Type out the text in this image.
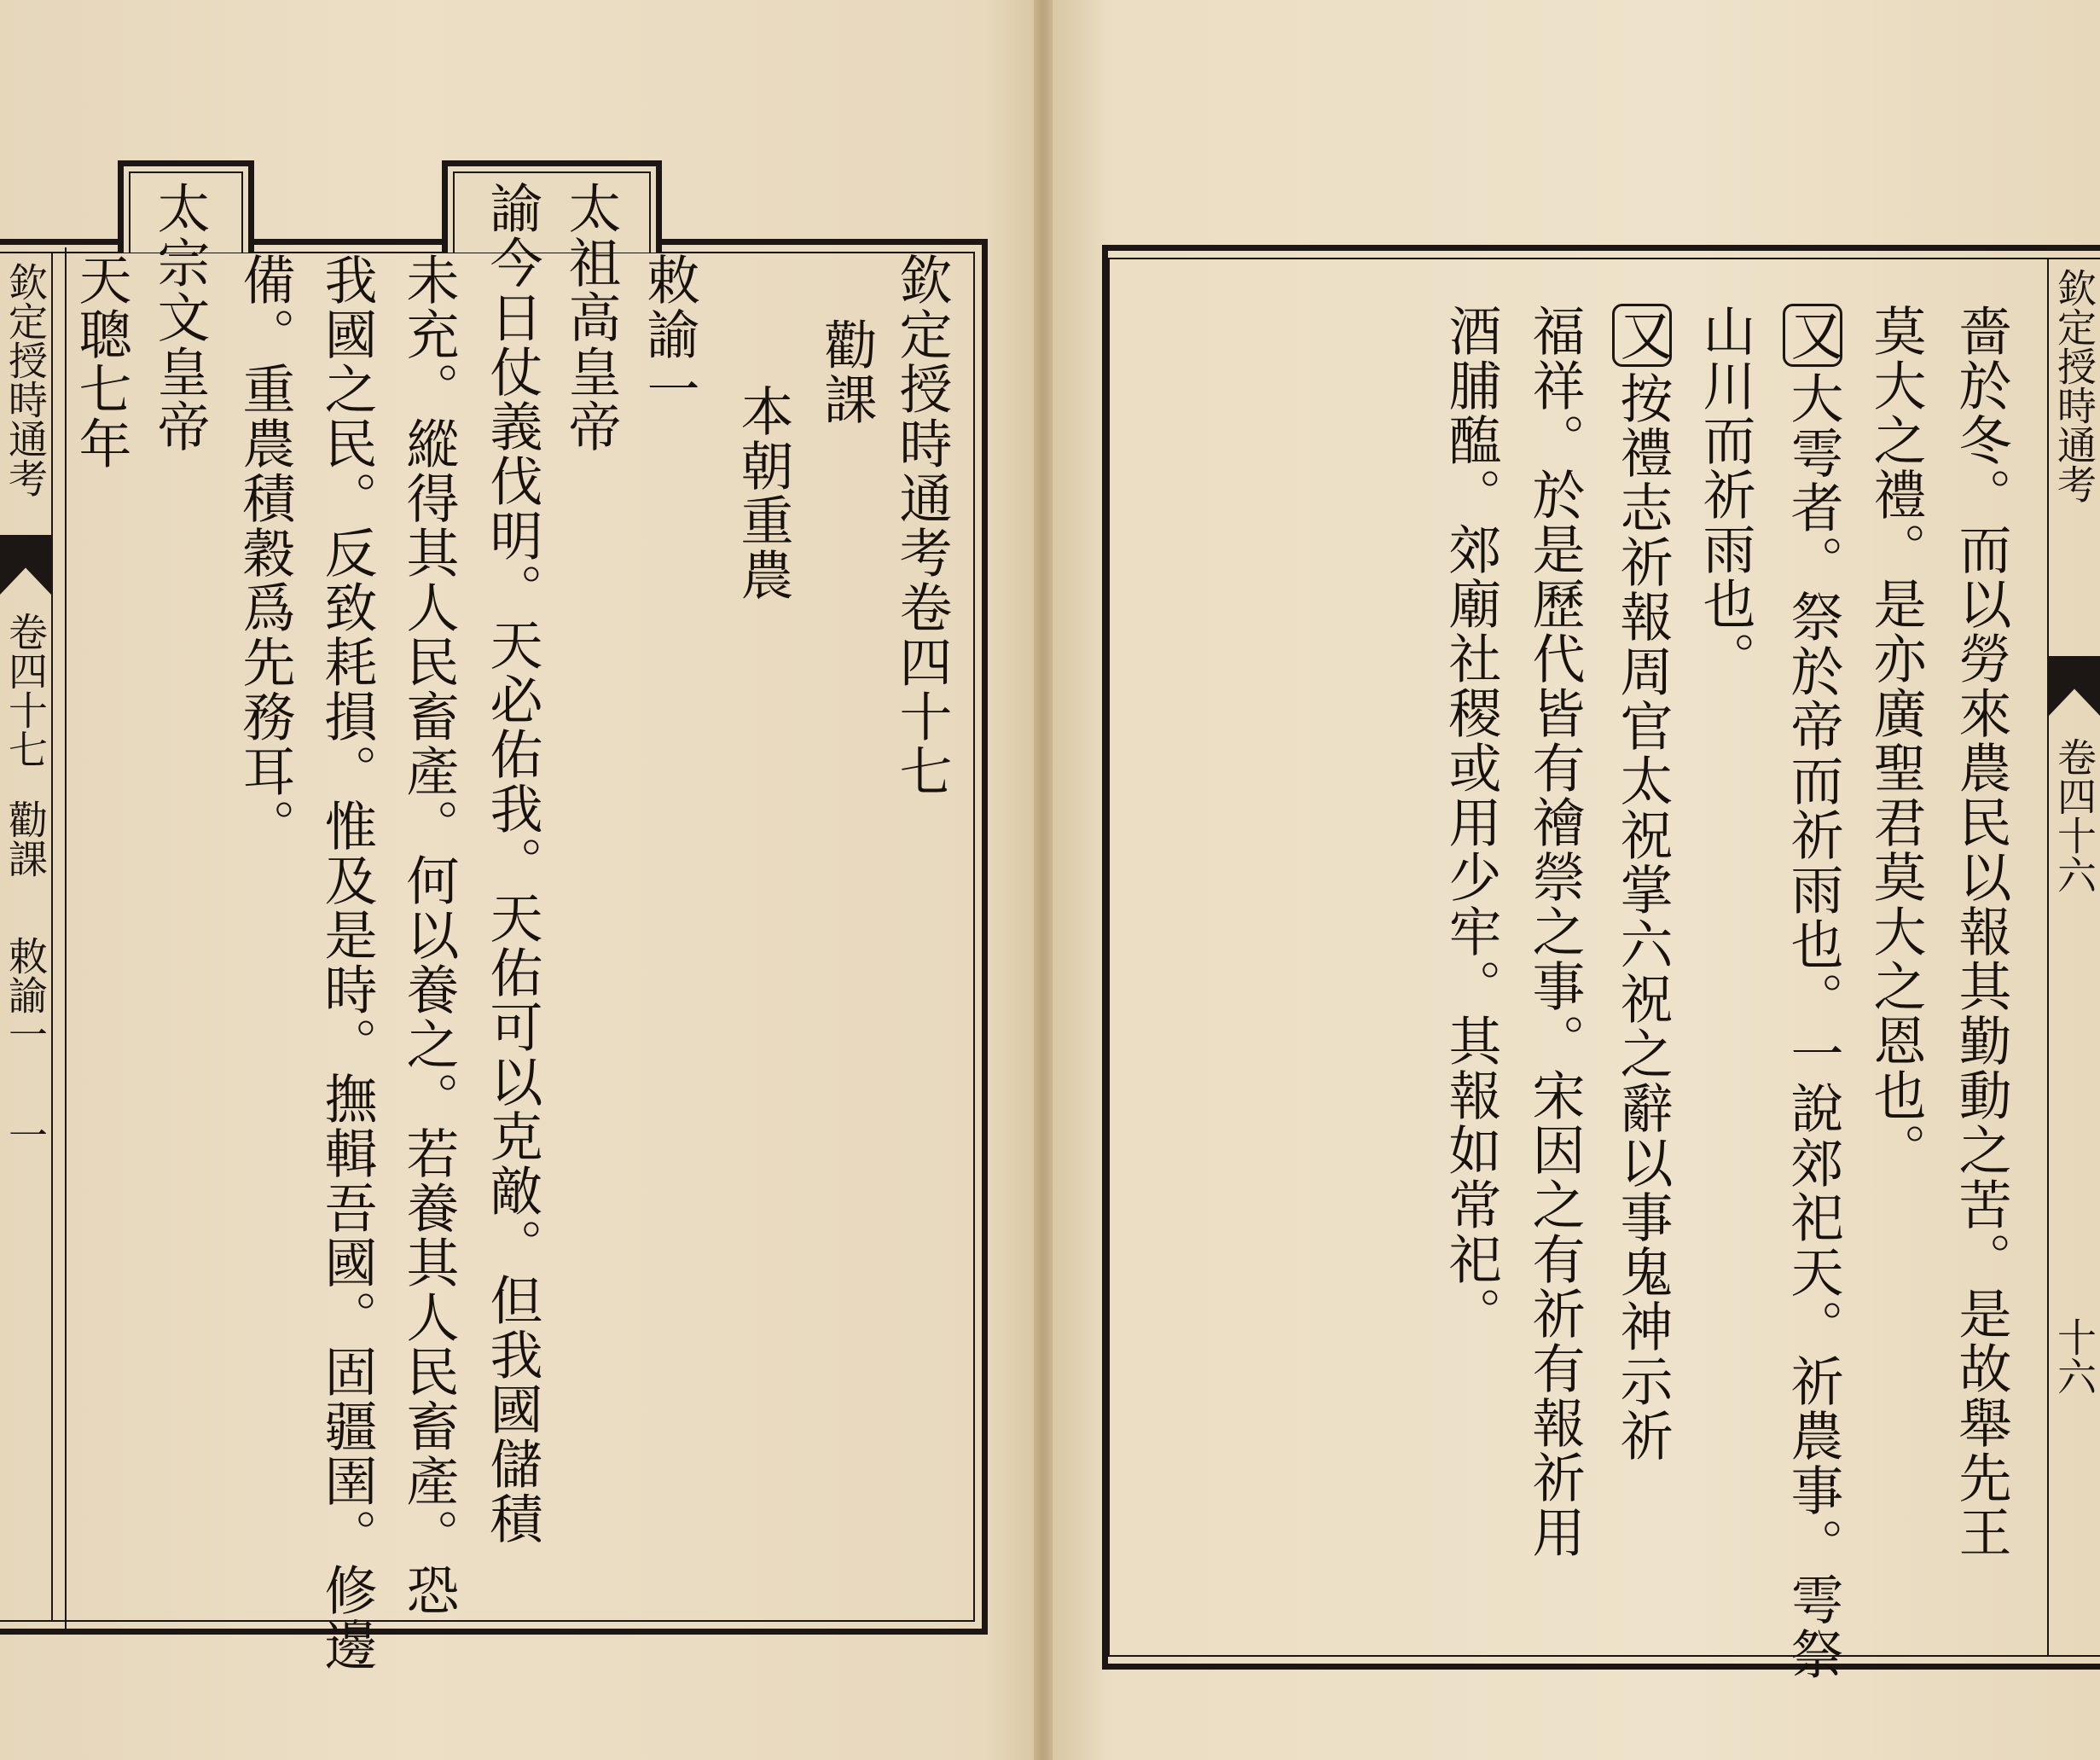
欽定授時通考
卷四十七
勸課
敕諭一
一
欽定授時通考卷四十七
勸課
本朝重農
敕諭一
太祖高皇帝
諭今日仗義伐明。天必佑我。天佑可以克敵。但我國儲積
未充。縱得其人民畜產。何以養之。若養其人民畜產。恐
我國之民。反致耗損。惟及是時。撫輯吾國。固疆圉。修邊
備。重農積穀爲先務耳。
太宗文皇帝
天聰七年	欽定授時通考
卷四十六
十六
嗇於冬。而以勞來農民以報其勤動之苦。是故舉先王
莫大之禮。是亦廣聖君莫大之恩也。
又 大雩者。祭於帝而祈雨也。一說郊祀天。祈農事。雩祭
山川而祈雨也。
又 按禮志祈報周官太祝掌六祝之辭以事鬼神示祈
福祥。於是歷代皆有禬禜之事。宋因之有祈有報祈用
酒脯醢。郊廟社稷或用少牢。其報如常祀。
